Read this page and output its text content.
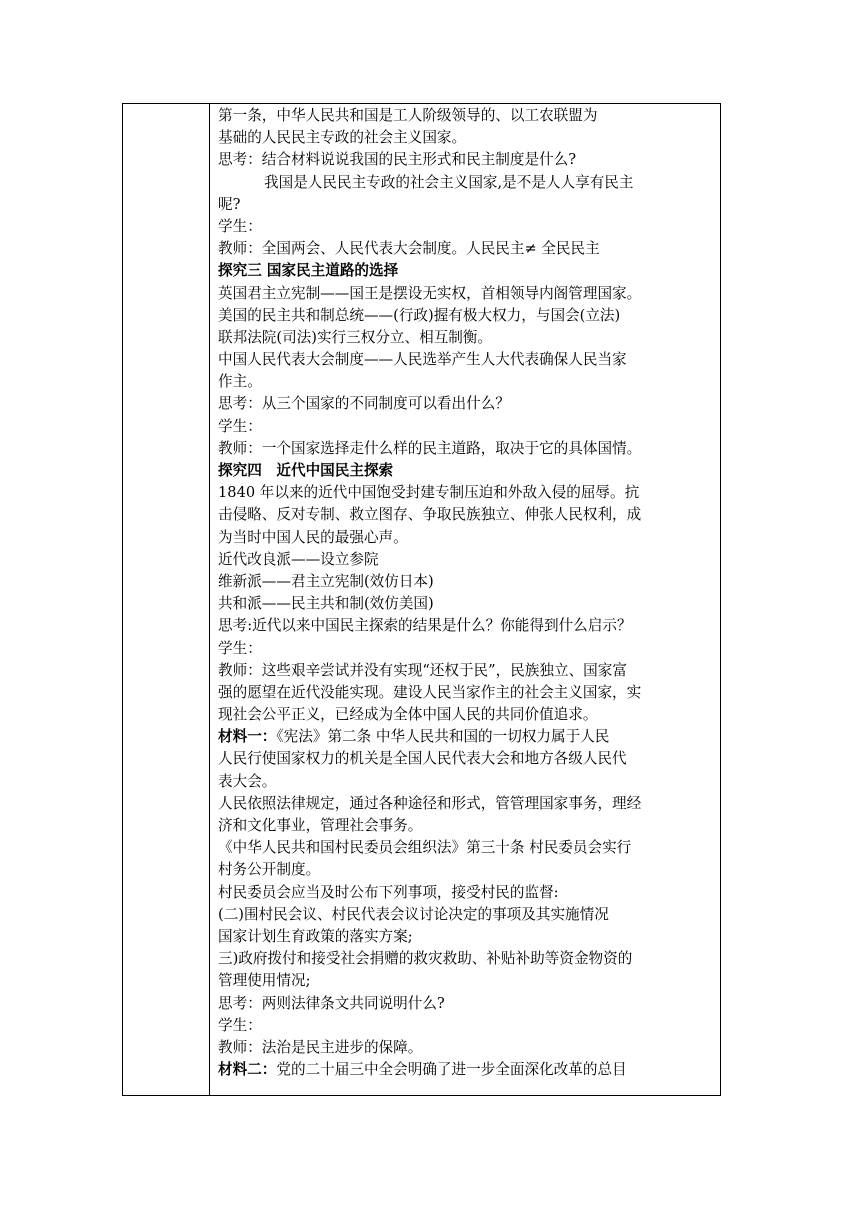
第一条，中华人民共和国是工人阶级领导的、以工农联盟为
基础的人民民主专政的社会主义国家。
思考：结合材料说说我国的民主形式和民主制度是什么?
我国是人民民主专政的社会主义国家,是不是人人享有民主
呢?
学生：
教师：全国两会、人民代表大会制度。人民民主≠ 全民民主
探究三 国家民主道路的选择
英国君主立宪制——国王是摆设无实权，首相领导内阁管理国家。
美国的民主共和制总统——(行政)握有极大权力，与国会(立法)
联邦法院(司法)实行三权分立、相互制衡。
中国人民代表大会制度——人民选举产生人大代表确保人民当家
作主。
思考：从三个国家的不同制度可以看出什么？
学生：
教师：一个国家选择走什么样的民主道路，取决于它的具体国情。
探究四　近代中国民主探索
1840 年以来的近代中国饱受封建专制压迫和外敌入侵的屈辱。抗
击侵略、反对专制、救立图存、争取民族独立、伸张人民权利，成
为当时中国人民的最强心声。
近代改良派——设立参院
维新派——君主立宪制(效仿日本)
共和派——民主共和制(效仿美国)
思考:近代以来中国民主探索的结果是什么？你能得到什么启示？
学生：
教师：这些艰辛尝试并没有实现“还权于民”，民族独立、国家富
强的愿望在近代没能实现。建设人民当家作主的社会主义国家，实
现社会公平正义，已经成为全体中国人民的共同价值追求。
材料一：《宪法》第二条 中华人民共和国的一切权力属于人民
人民行使国家权力的机关是全国人民代表大会和地方各级人民代
表大会。
人民依照法律规定，通过各种途径和形式，管管理国家事务，理经
济和文化事业，管理社会事务。
《中华人民共和国村民委员会组织法》第三十条 村民委员会实行
村务公开制度。
村民委员会应当及时公布下列事项，接受村民的监督:
(二)围村民会议、村民代表会议讨论决定的事项及其实施情况
国家计划生育政策的落实方案;
三)政府拨付和接受社会捐赠的救灾救助、补贴补助等资金物资的
管理使用情况;
思考：两则法律条文共同说明什么?
学生：
教师：法治是民主进步的保障。
材料二：党的二十届三中全会明确了进一步全面深化改革的总目
